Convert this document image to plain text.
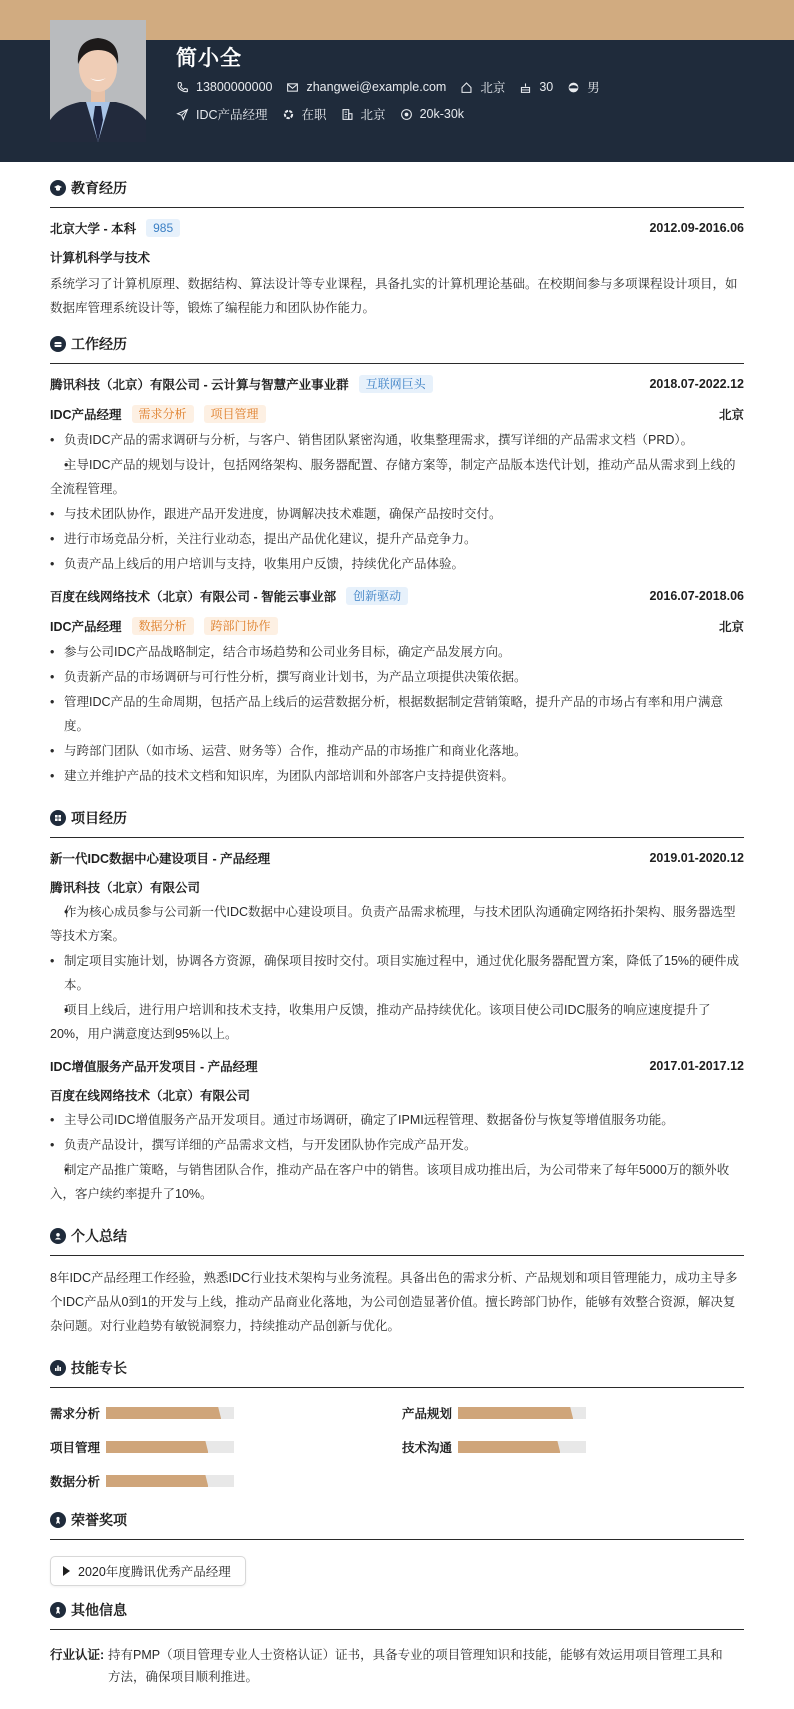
简小全
13800000000	zhangwei@example.com	北京	30	男
IDC产品经理	在职	北京	20k-30k
教育经历
北京大学 - 本科	985	2012.09-2016.06
计算机科学与技术
系统学习了计算机原理、数据结构、算法设计等专业课程，具备扎实的计算机理论基础。在校期间参与多项课程设计项目，如数据库管理系统设计等，锻炼了编程能力和团队协作能力。
工作经历
腾讯科技（北京）有限公司 - 云计算与智慧产业事业群	互联网巨头	2018.07-2022.12
IDC产品经理	需求分析	项目管理	北京
• 负责IDC产品的需求调研与分析，与客户、销售团队紧密沟通，收集整理需求，撰写详细的产品需求文档（PRD）。
• 主导IDC产品的规划与设计，包括网络架构、服务器配置、存储方案等，制定产品版本迭代计划，推动产品从需求到上线的全流程管理。
• 与技术团队协作，跟进产品开发进度，协调解决技术难题，确保产品按时交付。
• 进行市场竞品分析，关注行业动态，提出产品优化建议，提升产品竞争力。
• 负责产品上线后的用户培训与支持，收集用户反馈，持续优化产品体验。
百度在线网络技术（北京）有限公司 - 智能云事业部	创新驱动	2016.07-2018.06
IDC产品经理	数据分析	跨部门协作	北京
• 参与公司IDC产品战略制定，结合市场趋势和公司业务目标，确定产品发展方向。
• 负责新产品的市场调研与可行性分析，撰写商业计划书，为产品立项提供决策依据。
• 管理IDC产品的生命周期，包括产品上线后的运营数据分析，根据数据制定营销策略，提升产品的市场占有率和用户满意度。
• 与跨部门团队（如市场、运营、财务等）合作，推动产品的市场推广和商业化落地。
• 建立并维护产品的技术文档和知识库，为团队内部培训和外部客户支持提供资料。
项目经历
新一代IDC数据中心建设项目 - 产品经理	2019.01-2020.12
腾讯科技（北京）有限公司
• 作为核心成员参与公司新一代IDC数据中心建设项目。负责产品需求梳理，与技术团队沟通确定网络拓扑架构、服务器选型等技术方案。
• 制定项目实施计划，协调各方资源，确保项目按时交付。项目实施过程中，通过优化服务器配置方案，降低了15%的硬件成本。
• 项目上线后，进行用户培训和技术支持，收集用户反馈，推动产品持续优化。该项目使公司IDC服务的响应速度提升了20%，用户满意度达到95%以上。
IDC增值服务产品开发项目 - 产品经理	2017.01-2017.12
百度在线网络技术（北京）有限公司
• 主导公司IDC增值服务产品开发项目。通过市场调研，确定了IPMI远程管理、数据备份与恢复等增值服务功能。
• 负责产品设计，撰写详细的产品需求文档，与开发团队协作完成产品开发。
• 制定产品推广策略，与销售团队合作，推动产品在客户中的销售。该项目成功推出后，为公司带来了每年5000万的额外收入，客户续约率提升了10%。
个人总结
8年IDC产品经理工作经验，熟悉IDC行业技术架构与业务流程。具备出色的需求分析、产品规划和项目管理能力，成功主导多个IDC产品从0到1的开发与上线，推动产品商业化落地，为公司创造显著价值。擅长跨部门协作，能够有效整合资源，解决复杂问题。对行业趋势有敏锐洞察力，持续推动产品创新与优化。
技能专长
需求分析	产品规划
项目管理	技术沟通
数据分析
荣誉奖项
2020年度腾讯优秀产品经理
其他信息
行业认证: 持有PMP（项目管理专业人士资格认证）证书，具备专业的项目管理知识和技能，能够有效运用项目管理工具和方法，确保项目顺利推进。
